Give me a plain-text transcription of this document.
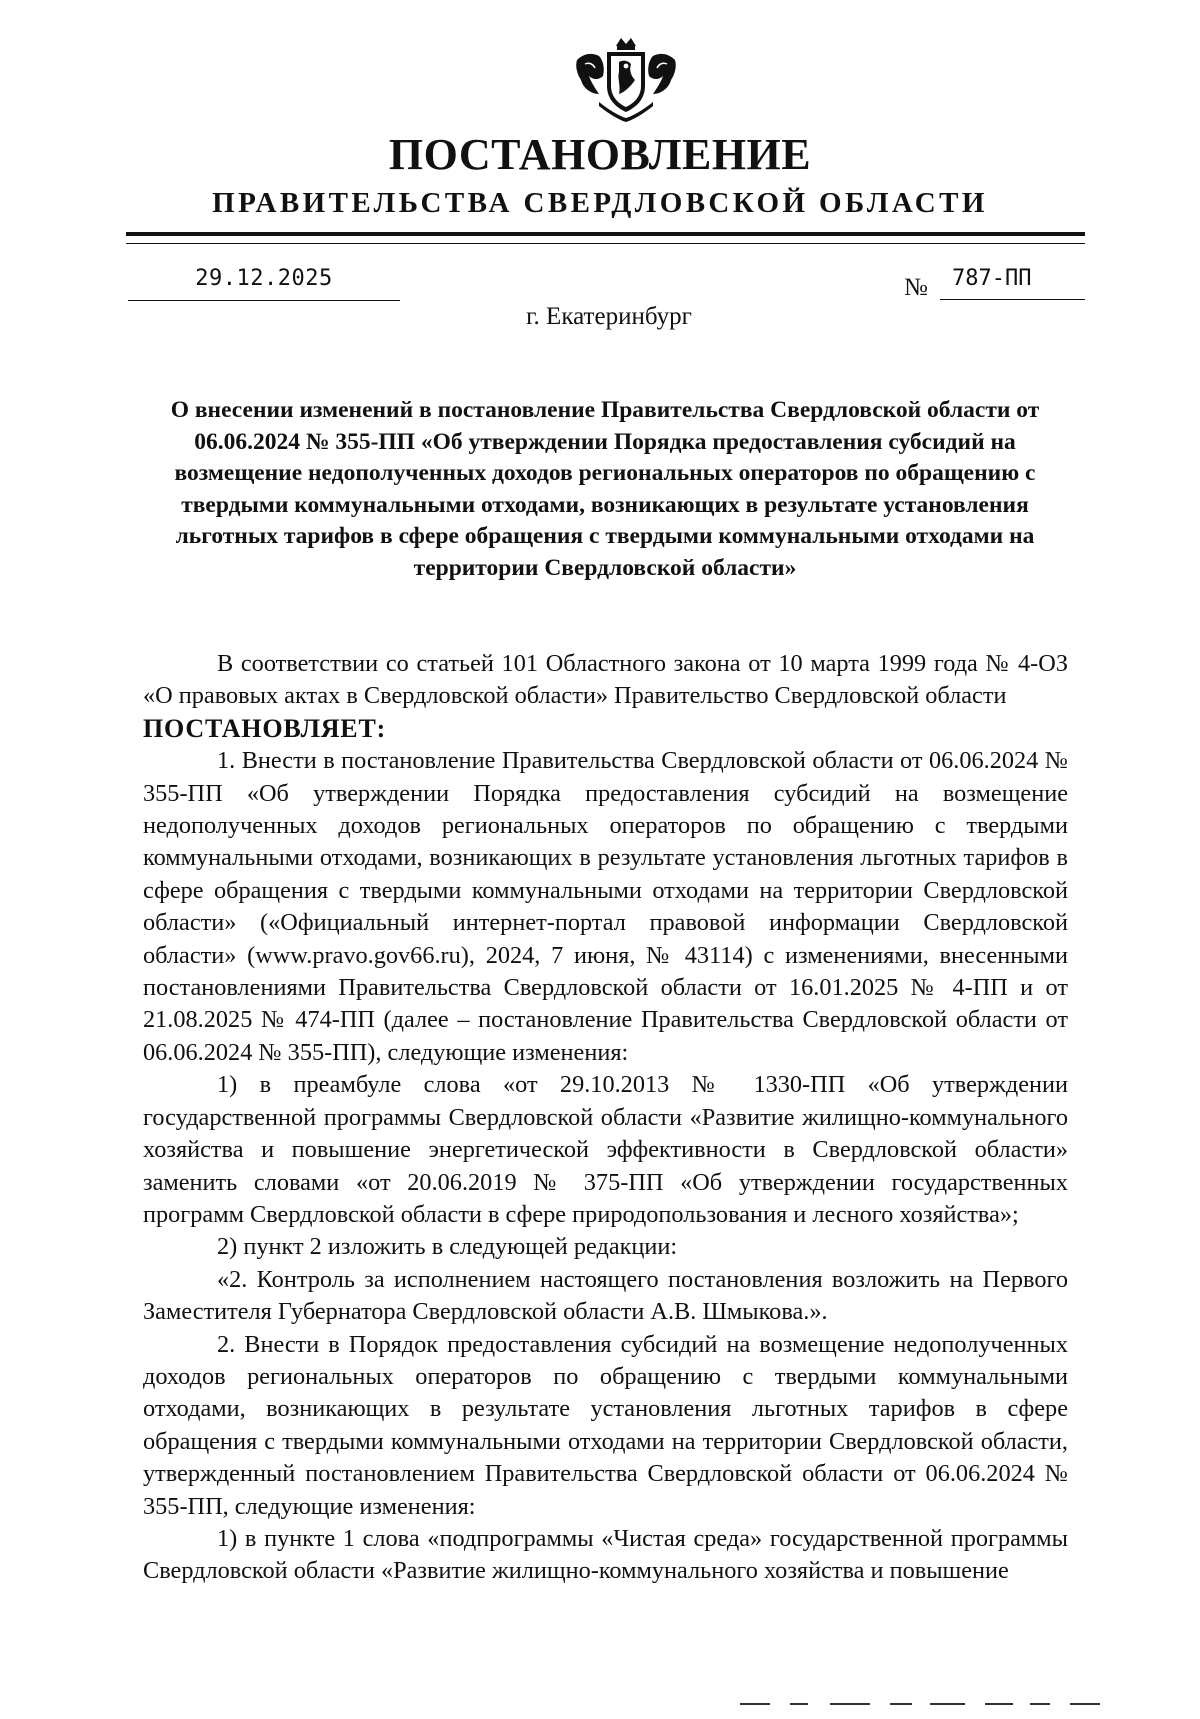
ПОСТАНОВЛЕНИЕ
ПРАВИТЕЛЬСТВА СВЕРДЛОВСКОЙ ОБЛАСТИ
29.12.2025	№	787-ПП
г. Екатеринбург
О внесении изменений в постановление Правительства Свердловской области от 06.06.2024 № 355-ПП «Об утверждении Порядка предоставления субсидий на возмещение недополученных доходов региональных операторов по обращению с твердыми коммунальными отходами, возникающих в результате установления льготных тарифов в сфере обращения с твердыми коммунальными отходами на территории Свердловской области»

В соответствии со статьей 101 Областного закона от 10 марта 1999 года № 4-ОЗ «О правовых актах в Свердловской области» Правительство Свердловской области

ПОСТАНОВЛЯЕТ:

1. Внести в постановление Правительства Свердловской области от 06.06.2024 № 355-ПП «Об утверждении Порядка предоставления субсидий на возмещение недополученных доходов региональных операторов по обращению с твердыми коммунальными отходами, возникающих в результате установления льготных тарифов в сфере обращения с твердыми коммунальными отходами на территории Свердловской области» («Официальный интернет-портал правовой информации Свердловской области» (www.pravo.gov66.ru), 2024, 7 июня, № 43114) с изменениями, внесенными постановлениями Правительства Свердловской области от 16.01.2025 № 4-ПП и от 21.08.2025 № 474-ПП (далее – постановление Правительства Свердловской области от 06.06.2024 № 355-ПП), следующие изменения:

1) в преамбуле слова «от 29.10.2013 № 1330-ПП «Об утверждении государственной программы Свердловской области «Развитие жилищно-коммунального хозяйства и повышение энергетической эффективности в Свердловской области» заменить словами «от 20.06.2019 № 375-ПП «Об утверждении государственных программ Свердловской области в сфере природопользования и лесного хозяйства»;

2) пункт 2 изложить в следующей редакции:

«2. Контроль за исполнением настоящего постановления возложить на Первого Заместителя Губернатора Свердловской области А.В. Шмыкова.».

2. Внести в Порядок предоставления субсидий на возмещение недополученных доходов региональных операторов по обращению с твердыми коммунальными отходами, возникающих в результате установления льготных тарифов в сфере обращения с твердыми коммунальными отходами на территории Свердловской области, утвержденный постановлением Правительства Свердловской области от 06.06.2024 № 355-ПП, следующие изменения:

1) в пункте 1 слова «подпрограммы «Чистая среда» государственной программы Свердловской области «Развитие жилищно-коммунального хозяйства и повышение
